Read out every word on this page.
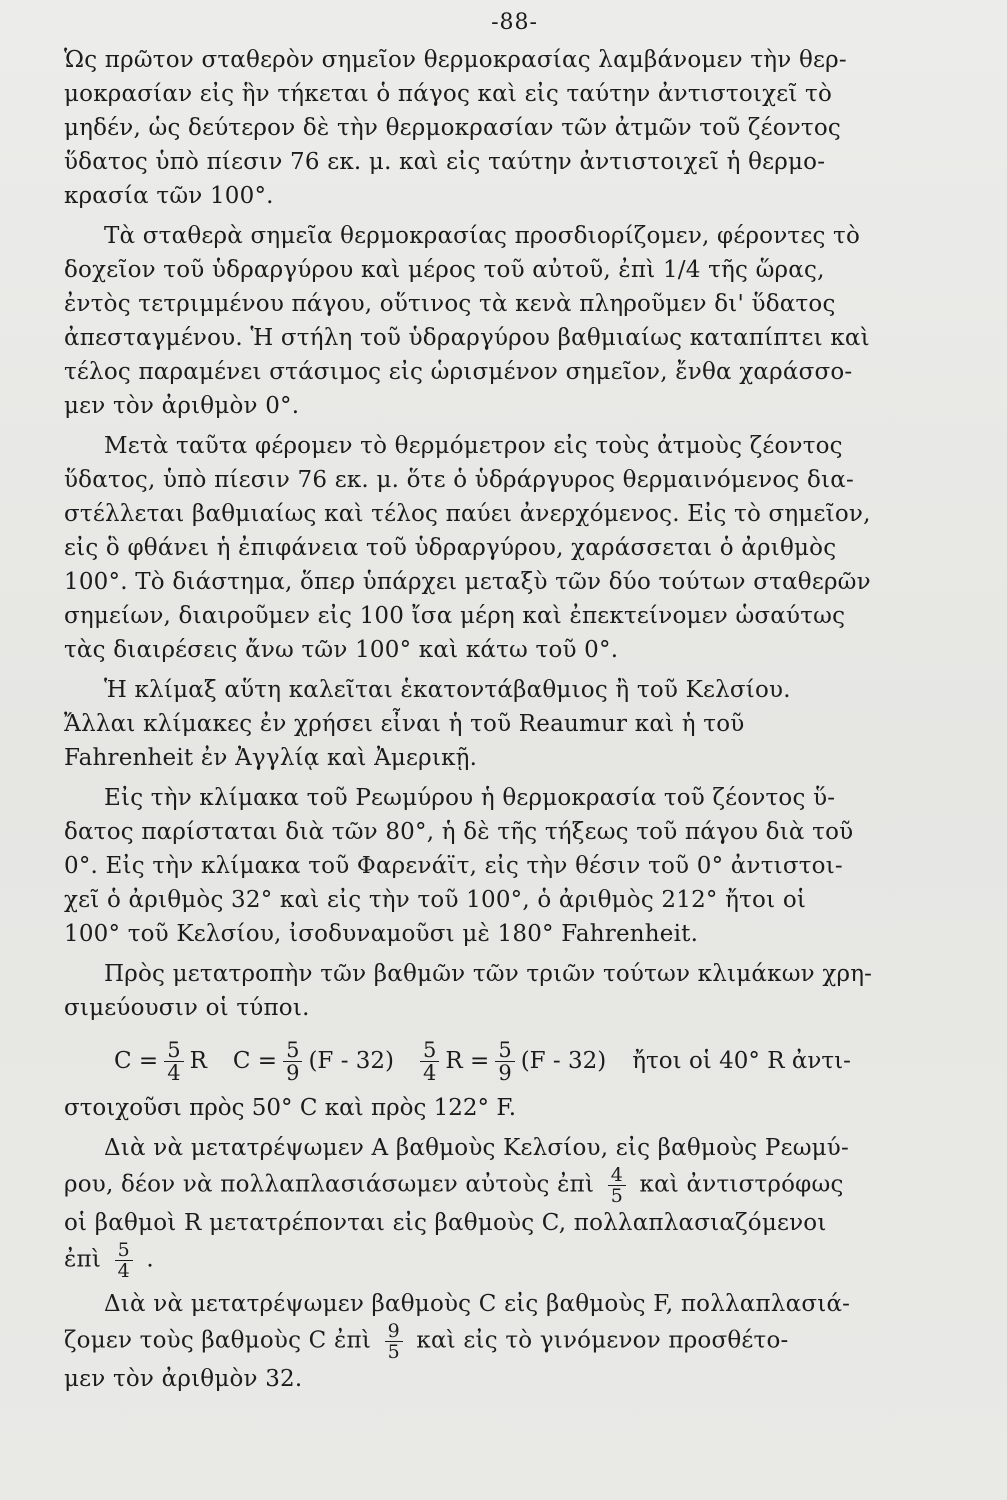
-88-
Ὡς πρῶτον σταθερὸν σημεῖον θερμοκρασίας λαμβάνομεν τὴν θερ-
μοκρασίαν εἰς ἣν τήκεται ὁ πάγος καὶ εἰς ταύτην ἀντιστοιχεῖ τὸ
μηδέν, ὡς δεύτερον δὲ τὴν θερμοκρασίαν τῶν ἀτμῶν τοῦ ζέοντος
ὕδατος ὑπὸ πίεσιν 76 εκ. μ. καὶ εἰς ταύτην ἀντιστοιχεῖ ἡ θερμο-
κρασία τῶν 100°.
Τὰ σταθερὰ σημεῖα θερμοκρασίας προσδιορίζομεν, φέροντες τὸ
δοχεῖον τοῦ ὑδραργύρου καὶ μέρος τοῦ αὐτοῦ, ἐπὶ 1/4 τῆς ὥρας,
ἐντὸς τετριμμένου πάγου, οὕτινος τὰ κενὰ πληροῦμεν δι' ὕδατος
ἀπεσταγμένου. Ἡ στήλη τοῦ ὑδραργύρου βαθμιαίως καταπίπτει καὶ
τέλος παραμένει στάσιμος εἰς ὡρισμένον σημεῖον, ἔνθα χαράσσο-
μεν τὸν ἀριθμὸν 0°.
Μετὰ ταῦτα φέρομεν τὸ θερμόμετρον εἰς τοὺς ἀτμοὺς ζέοντος
ὕδατος, ὑπὸ πίεσιν 76 εκ. μ. ὅτε ὁ ὑδράργυρος θερμαινόμενος δια-
στέλλεται βαθμιαίως καὶ τέλος παύει ἀνερχόμενος. Εἰς τὸ σημεῖον,
εἰς ὃ φθάνει ἡ ἐπιφάνεια τοῦ ὑδραργύρου, χαράσσεται ὁ ἀριθμὸς
100°. Τὸ διάστημα, ὅπερ ὑπάρχει μεταξὺ τῶν δύο τούτων σταθερῶν
σημείων, διαιροῦμεν εἰς 100 ἴσα μέρη καὶ ἐπεκτείνομεν ὡσαύτως
τὰς διαιρέσεις ἄνω τῶν 100° καὶ κάτω τοῦ 0°.
Ἡ κλίμαξ αὕτη καλεῖται ἑκατοντάβαθμιος ἢ τοῦ Κελσίου.
Ἄλλαι κλίμακες ἐν χρήσει εἶναι ἡ τοῦ Reaumur καὶ ἡ τοῦ
Fahrenheit ἐν Ἀγγλίᾳ καὶ Ἀμερικῇ.
Εἰς τὴν κλίμακα τοῦ Ρεωμύρου ἡ θερμοκρασία τοῦ ζέοντος ὕ-
δατος παρίσταται διὰ τῶν 80°, ἡ δὲ τῆς τήξεως τοῦ πάγου διὰ τοῦ
0°. Εἰς τὴν κλίμακα τοῦ Φαρενάϊτ, εἰς τὴν θέσιν τοῦ 0° ἀντιστοι-
χεῖ ὁ ἀριθμὸς 32° καὶ εἰς τὴν τοῦ 100°, ὁ ἀριθμὸς 212° ἤτοι οἱ
100° τοῦ Κελσίου, ἰσοδυναμοῦσι μὲ 180° Fahrenheit.
Πρὸς μετατροπὴν τῶν βαθμῶν τῶν τριῶν τούτων κλιμάκων χρη-
σιμεύουσιν οἱ τύποι.
$C = \frac{5}{4}$ R $C = \frac{5}{9} (F - 32) \frac{5}{4}$ $R = \frac{5}{9} (F - 32)$ ἤτοι οἱ 40° R ἀντι-
στοιχοῦσι πρὸς 50° C καὶ πρὸς 122° F.
Διὰ νὰ μετατρέψωμεν Α βαθμοὺς Κελσίου, εἰς βαθμοὺς Ρεωμύ-
ρου, δέον νὰ πολλαπλασιάσωμεν αὐτοὺς ἐπὶ $\frac{4}{5}$ καὶ ἀντιστρόφως
οἱ βαθμοὶ R μετατρέπονται εἰς βαθμοὺς C, πολλαπλασιαζόμενοι
ἐπὶ $\frac{5}{4}$ .
Διὰ νὰ μετατρέψωμεν βαθμοὺς C εἰς βαθμοὺς F, πολλαπλασιά-
ζομεν τοὺς βαθμοὺς C ἐπὶ $\frac{9}{5}$ καὶ εἰς τὸ γινόμενον προσθέτο-
μεν τὸν ἀριθμὸν 32.
